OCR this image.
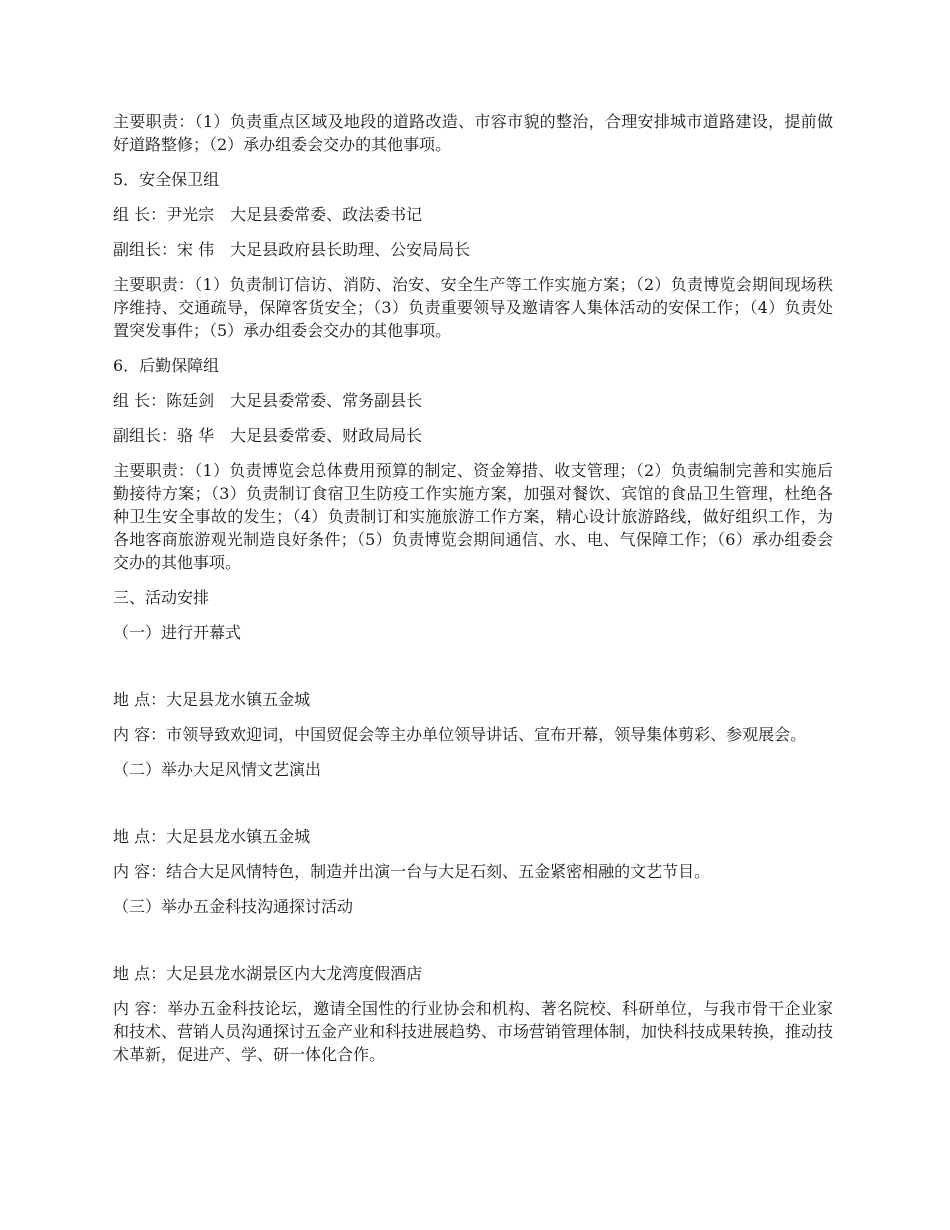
主要职责：（1）负责重点区域及地段的道路改造、市容市貌的整治，合理安排城市道路建设，提前做好道路整修；（2）承办组委会交办的其他事项。

5．安全保卫组

组 长：尹光宗　大足县委常委、政法委书记

副组长：宋 伟　大足县政府县长助理、公安局局长

主要职责：（1）负责制订信访、消防、治安、安全生产等工作实施方案；（2）负责博览会期间现场秩序维持、交通疏导，保障客货安全；（3）负责重要领导及邀请客人集体活动的安保工作；（4）负责处置突发事件；（5）承办组委会交办的其他事项。

6．后勤保障组

组 长：陈廷剑　大足县委常委、常务副县长

副组长：骆 华　大足县委常委、财政局局长

主要职责：（1）负责博览会总体费用预算的制定、资金筹措、收支管理；（2）负责编制完善和实施后勤接待方案；（3）负责制订食宿卫生防疫工作实施方案，加强对餐饮、宾馆的食品卫生管理，杜绝各种卫生安全事故的发生；（4）负责制订和实施旅游工作方案，精心设计旅游路线，做好组织工作，为各地客商旅游观光制造良好条件；（5）负责博览会期间通信、水、电、气保障工作；（6）承办组委会交办的其他事项。

三、活动安排

（一）进行开幕式

地 点：大足县龙水镇五金城

内 容：市领导致欢迎词，中国贸促会等主办单位领导讲话、宣布开幕，领导集体剪彩、参观展会。

（二）举办大足风情文艺演出

地 点：大足县龙水镇五金城

内 容：结合大足风情特色，制造并出演一台与大足石刻、五金紧密相融的文艺节目。

（三）举办五金科技沟通探讨活动

地 点：大足县龙水湖景区内大龙湾度假酒店

内 容：举办五金科技论坛，邀请全国性的行业协会和机构、著名院校、科研单位，与我市骨干企业家和技术、营销人员沟通探讨五金产业和科技进展趋势、市场营销管理体制，加快科技成果转换，推动技术革新，促进产、学、研一体化合作。
